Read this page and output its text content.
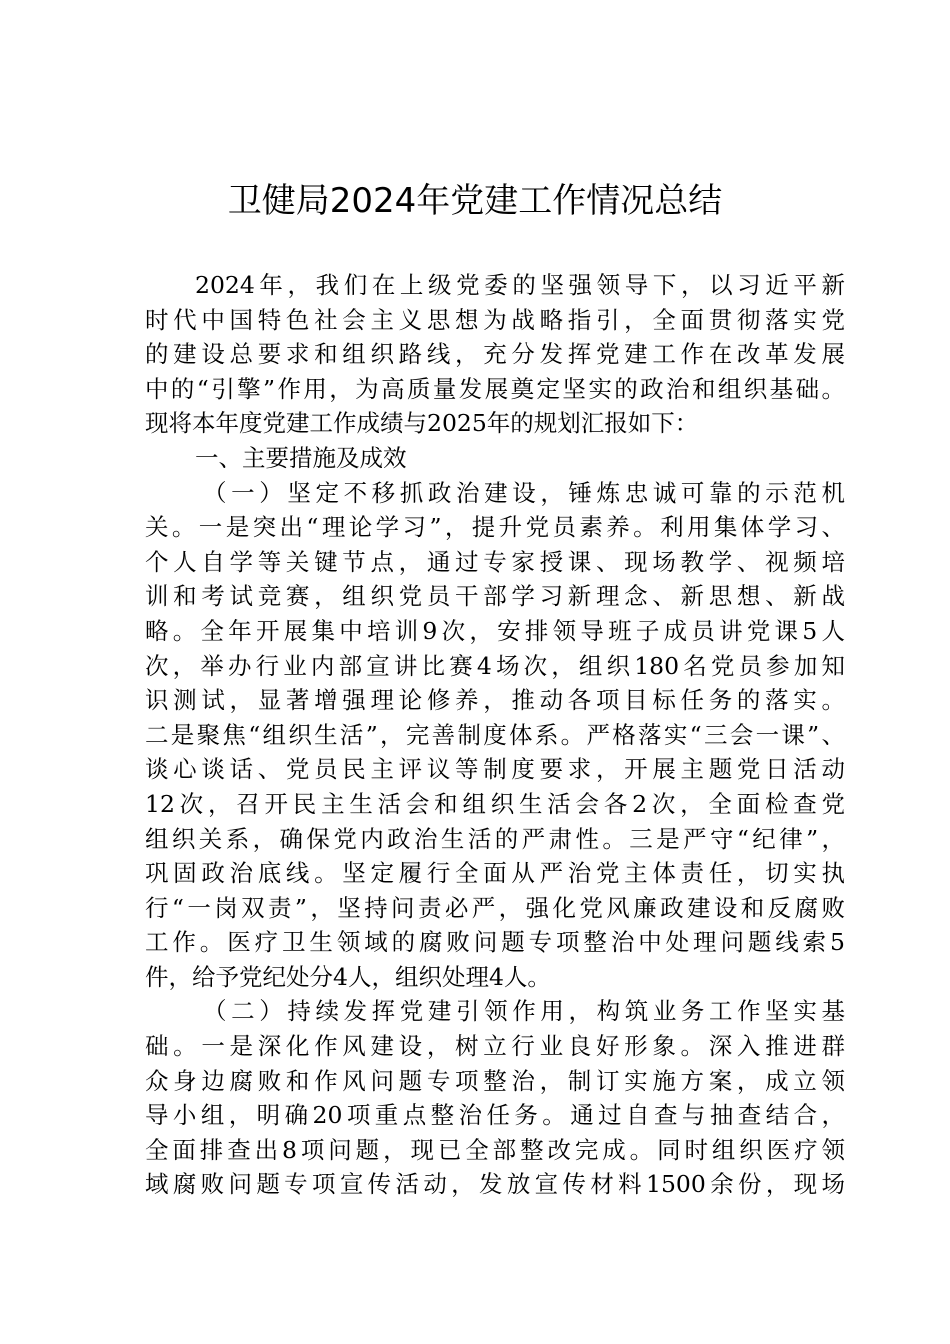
卫健局2024年党建工作情况总结
2024年，我们在上级党委的坚强领导下，以习近平新
时代中国特色社会主义思想为战略指引，全面贯彻落实党
的建设总要求和组织路线，充分发挥党建工作在改革发展
中的“引擎”作用，为高质量发展奠定坚实的政治和组织基础。
现将本年度党建工作成绩与2025年的规划汇报如下：
一、主要措施及成效
（一）坚定不移抓政治建设，锤炼忠诚可靠的示范机
关。一是突出“理论学习”，提升党员素养。利用集体学习、
个人自学等关键节点，通过专家授课、现场教学、视频培
训和考试竞赛，组织党员干部学习新理念、新思想、新战
略。全年开展集中培训9次，安排领导班子成员讲党课5人
次，举办行业内部宣讲比赛4场次，组织180名党员参加知
识测试，显著增强理论修养，推动各项目标任务的落实。
二是聚焦“组织生活”，完善制度体系。严格落实“三会一课”、
谈心谈话、党员民主评议等制度要求，开展主题党日活动
12次，召开民主生活会和组织生活会各2次，全面检查党
组织关系，确保党内政治生活的严肃性。三是严守“纪律”，
巩固政治底线。坚定履行全面从严治党主体责任，切实执
行“一岗双责”，坚持问责必严，强化党风廉政建设和反腐败
工作。医疗卫生领域的腐败问题专项整治中处理问题线索5
件，给予党纪处分4人，组织处理4人。
（二）持续发挥党建引领作用，构筑业务工作坚实基
础。一是深化作风建设，树立行业良好形象。深入推进群
众身边腐败和作风问题专项整治，制订实施方案，成立领
导小组，明确20项重点整治任务。通过自查与抽查结合，
全面排查出8项问题，现已全部整改完成。同时组织医疗领
域腐败问题专项宣传活动，发放宣传材料1500余份，现场
